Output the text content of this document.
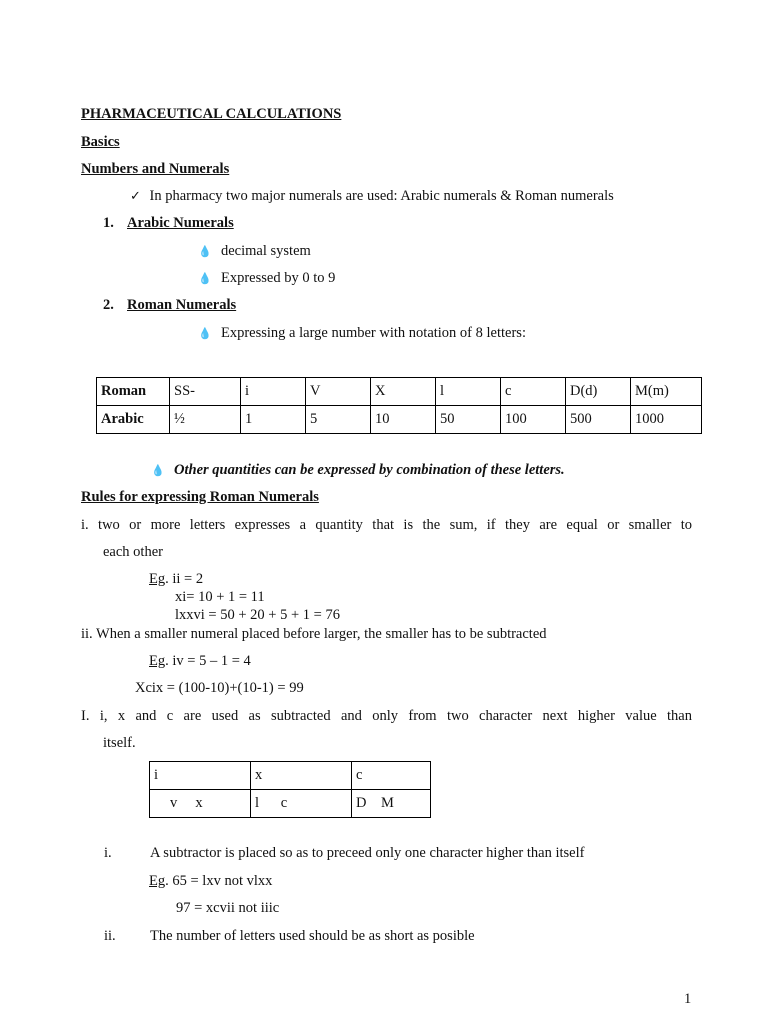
PHARMACEUTICAL CALCULATIONS
Basics
Numbers and Numerals
✓ In pharmacy two major numerals are used: Arabic numerals & Roman numerals
1. Arabic Numerals
💧 decimal system
💧 Expressed by 0 to 9
2. Roman Numerals
💧 Expressing a large number with notation of 8 letters:
Roman	SS-	i	V	X	l	c	D(d)	M(m)
Arabic	½	1	5	10	50	100	500	1000
💧 Other quantities can be expressed by combination of these letters.
Rules for expressing Roman Numerals
i. two or more letters expresses a quantity that is the sum, if they are equal or smaller to
each other
Eg. ii = 2
xi= 10 + 1 = 11
lxxvi = 50 + 20 + 5 + 1 = 76
ii. When a smaller numeral placed before larger, the smaller has to be subtracted
Eg. iv = 5 – 1 = 4
Xcix = (100-10)+(10-1) = 99
I. i, x and c are used as subtracted and only from two character next higher value than
itself.
i	x	c
v     x	l      c	D    M
i.	A subtractor is placed so as to preceed only one character higher than itself
Eg. 65 = lxv not vlxx
97 = xcvii not iiic
ii. The number of letters used should be as short as posible
1
